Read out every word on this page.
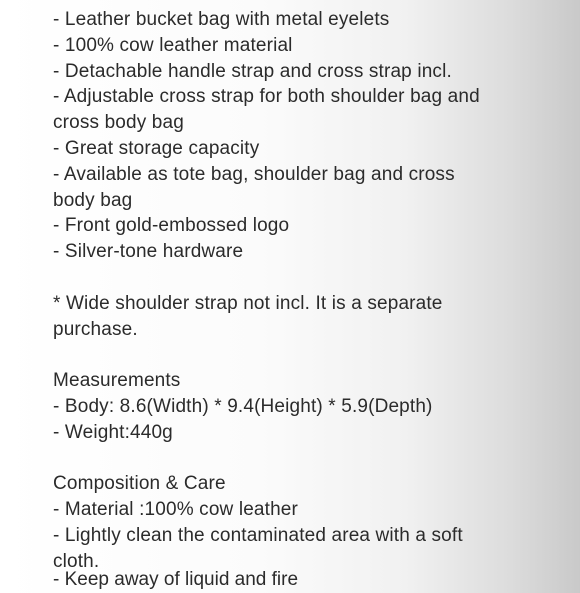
- Leather bucket bag with metal eyelets
- 100% cow leather material
- Detachable handle strap and cross strap incl.
- Adjustable cross strap for both shoulder bag and
cross body bag
- Great storage capacity
- Available as tote bag, shoulder bag and cross
body bag
- Front gold-embossed logo
- Silver-tone hardware
* Wide shoulder strap not incl. It is a separate
purchase.
Measurements
- Body: 8.6(Width) * 9.4(Height) * 5.9(Depth)
- Weight:440g
Composition & Care
- Material :100% cow leather
- Lightly clean the contaminated area with a soft
cloth.
- Keep away of liquid and fire
